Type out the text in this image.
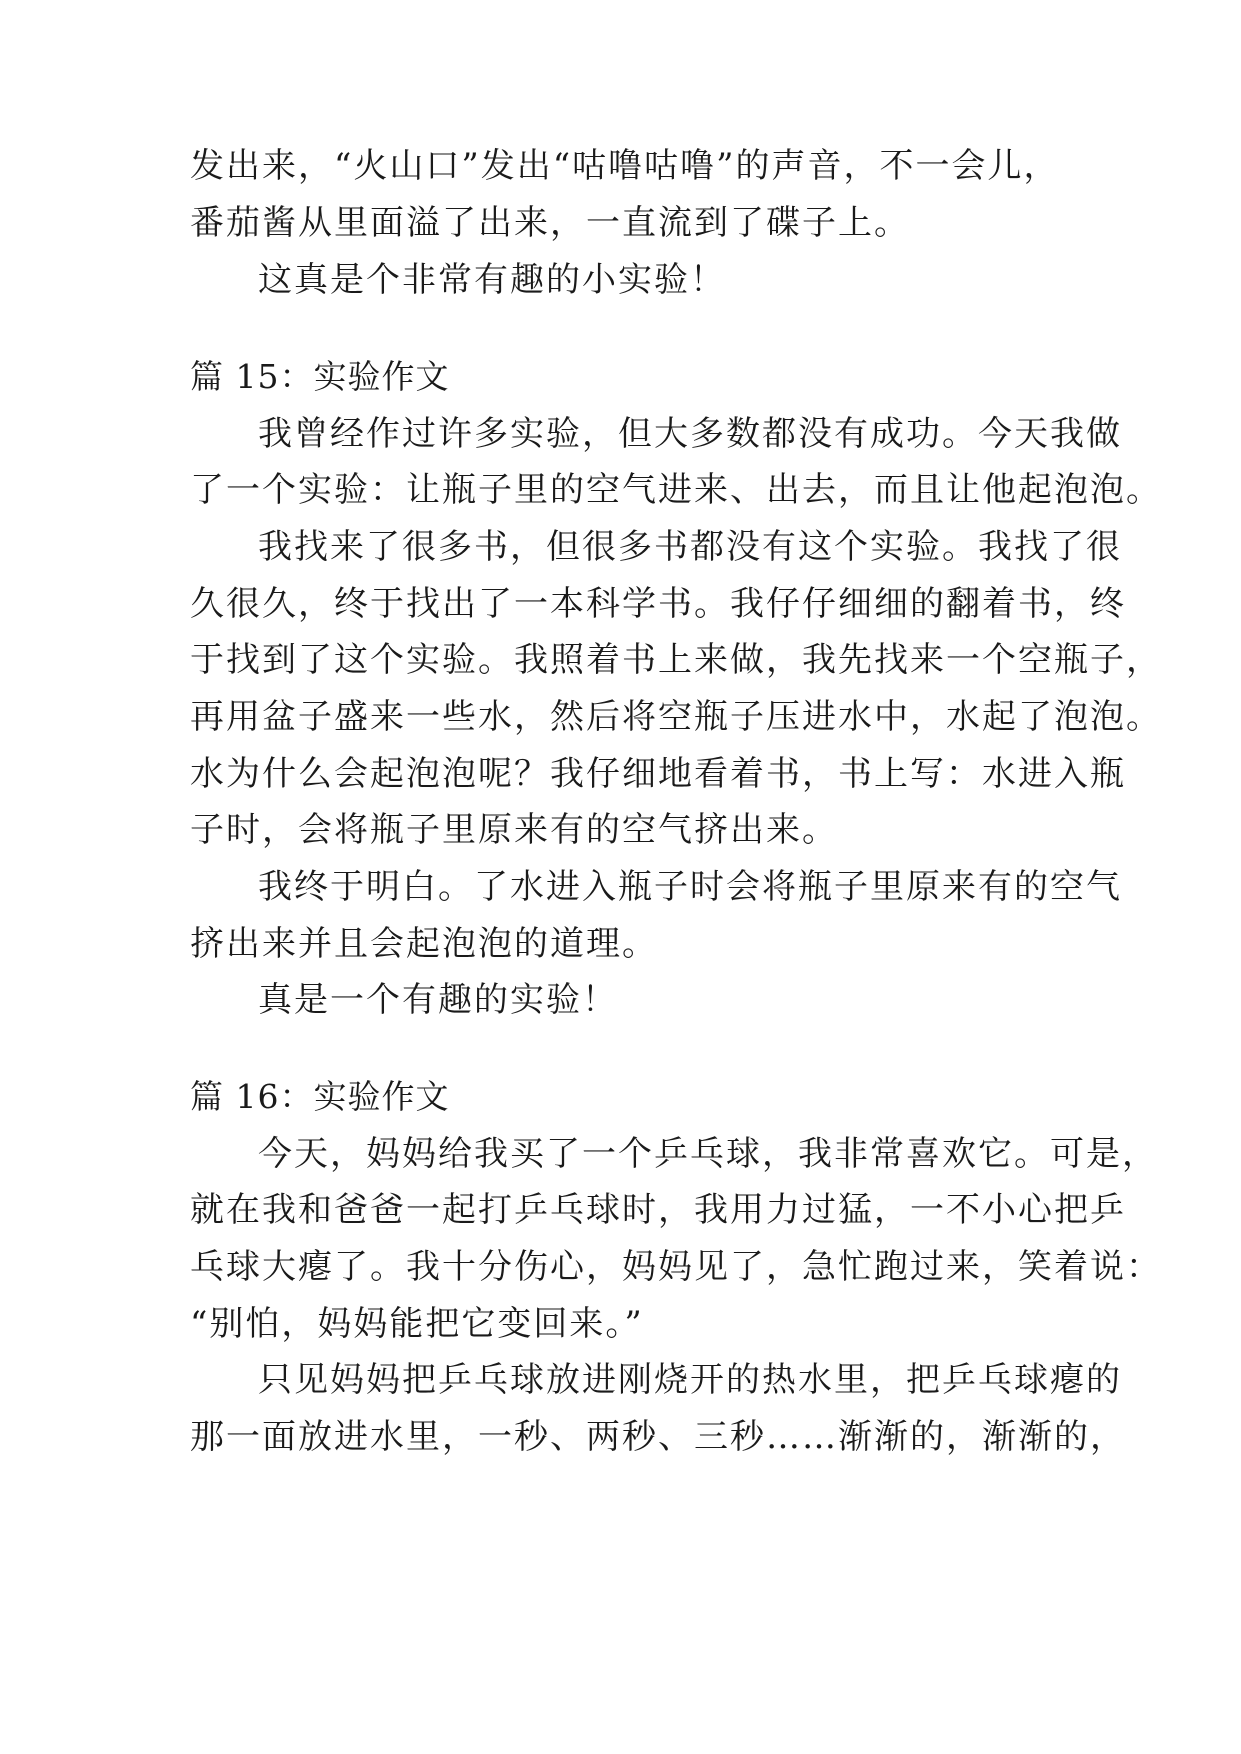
发出来，“火山口”发出“咕噜咕噜”的声音，不一会儿，
番茄酱从里面溢了出来，一直流到了碟子上。
这真是个非常有趣的小实验！
篇 15：实验作文
我曾经作过许多实验，但大多数都没有成功。今天我做
了一个实验：让瓶子里的空气进来、出去，而且让他起泡泡。
我找来了很多书，但很多书都没有这个实验。我找了很
久很久，终于找出了一本科学书。我仔仔细细的翻着书，终
于找到了这个实验。我照着书上来做，我先找来一个空瓶子，
再用盆子盛来一些水，然后将空瓶子压进水中，水起了泡泡。
水为什么会起泡泡呢？我仔细地看着书，书上写：水进入瓶
子时，会将瓶子里原来有的空气挤出来。
我终于明白。了水进入瓶子时会将瓶子里原来有的空气
挤出来并且会起泡泡的道理。
真是一个有趣的实验！
篇 16：实验作文
今天，妈妈给我买了一个乒乓球，我非常喜欢它。可是，
就在我和爸爸一起打乒乓球时，我用力过猛，一不小心把乒
乓球大瘪了。我十分伤心，妈妈见了，急忙跑过来，笑着说：
“别怕，妈妈能把它变回来。”
只见妈妈把乒乓球放进刚烧开的热水里，把乒乓球瘪的
那一面放进水里，一秒、两秒、三秒……渐渐的，渐渐的，
